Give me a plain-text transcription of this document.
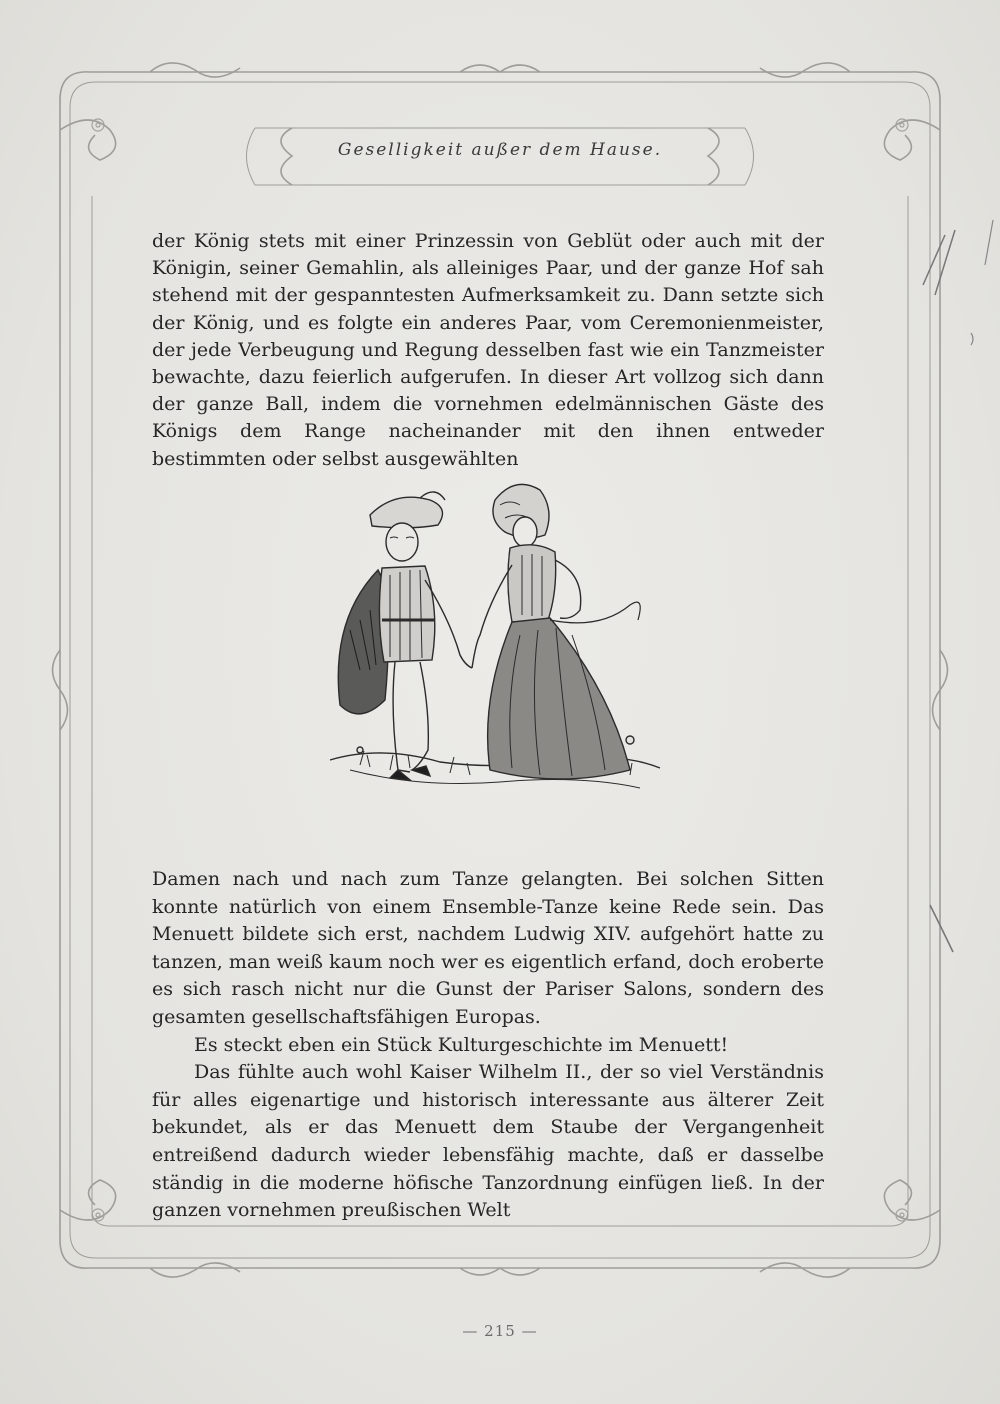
Geselligkeit außer dem Hause.

der König stets mit einer Prinzessin von Geblüt oder auch mit der Königin, seiner Gemahlin, als alleiniges Paar, und der ganze Hof sah stehend mit der gespanntesten Aufmerksamkeit zu. Dann setzte sich der König, und es folgte ein anderes Paar, vom Ceremonienmeister, der jede Verbeugung und Regung desselben fast wie ein Tanzmeister bewachte, dazu feierlich aufgerufen. In dieser Art vollzog sich dann der ganze Ball, indem die vornehmen edelmännischen Gäste des Königs dem Range nacheinander mit den ihnen entweder bestimmten oder selbst ausgewählten

Damen nach und nach zum Tanze gelangten. Bei solchen Sitten konnte natürlich von einem Ensemble-Tanze keine Rede sein. Das Menuett bildete sich erst, nachdem Ludwig XIV. aufgehört hatte zu tanzen, man weiß kaum noch wer es eigentlich erfand, doch eroberte es sich rasch nicht nur die Gunst der Pariser Salons, sondern des gesamten gesellschaftsfähigen Europas.
Es steckt eben ein Stück Kulturgeschichte im Menuett!
Das fühlte auch wohl Kaiser Wilhelm II., der so viel Verständnis für alles eigenartige und historisch interessante aus älterer Zeit bekundet, als er das Menuett dem Staube der Vergangenheit entreißend dadurch wieder lebensfähig machte, daß er dasselbe ständig in die moderne höfische Tanzordnung einfügen ließ. In der ganzen vornehmen preußischen Welt
— 215 —
